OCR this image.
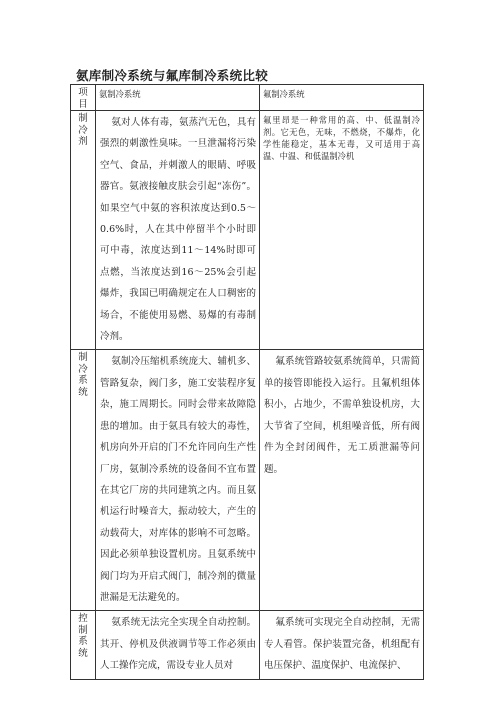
氨库制冷系统与氟库制冷系统比较
项目	氨制冷系统	氟制冷系统

制冷剂	氨对人体有毒，氨蒸汽无色，具有强烈的刺激性臭味。一旦泄漏将污染空气、食品，并刺激人的眼睛、呼吸器官。氨液接触皮肤会引起“冻伤”。如果空气中氨的容积浓度达到0.5～0.6%时，人在其中停留半个小时即可中毒，浓度达到11～14%时即可点燃，当浓度达到16～25%会引起爆炸，我国已明确规定在人口稠密的场合，不能使用易燃、易爆的有毒制冷剂。	氟里昂是一种常用的高、中、低温制冷剂。它无色，无味，不燃烧，不爆炸，化学性能稳定，基本无毒，又可适用于高温、中温、和低温制冷机

制冷系统	氨制冷压缩机系统庞大、辅机多、管路复杂，阀门多，施工安装程序复杂，施工周期长。同时会带来故障隐患的增加。由于氨具有较大的毒性，机房向外开启的门不允许同向生产性厂房，氨制冷系统的设备间不宜布置在其它厂房的共同建筑之内。而且氨机运行时噪音大，振动较大，产生的动载荷大，对库体的影响不可忽略。因此必须单独设置机房。且氨系统中阀门均为开启式阀门，制冷剂的微量泄漏是无法避免的。	氟系统管路较氨系统简单，只需简单的接管即能投入运行。且氟机组体积小，占地少，不需单独设机房，大大节省了空间，机组噪音低，所有阀件为全封闭阀件，无工质泄漏等问题。

控制系统	氨系统无法完全实现全自动控制。其开、停机及供液调节等工作必须由人工操作完成，需设专业人员对	氟系统可实现完全自动控制，无需专人看管。保护装置完备，机组配有电压保护、温度保护、电流保护、
